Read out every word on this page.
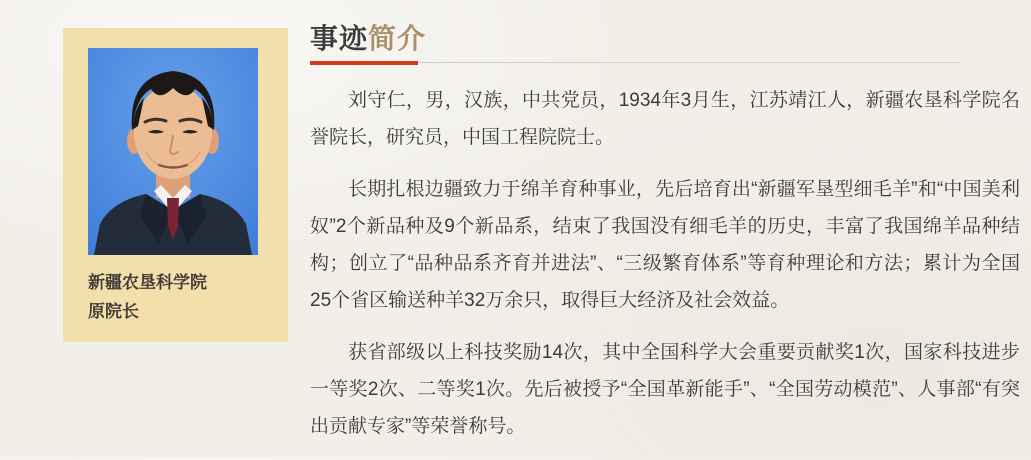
新疆农垦科学院
原院长
事迹简介

刘守仁，男，汉族，中共党员，1934年3月生，江苏靖江人，新疆农垦科学院名誉院长，研究员，中国工程院院士。

长期扎根边疆致力于绵羊育种事业，先后培育出“新疆军垦型细毛羊”和“中国美利奴”2个新品种及9个新品系，结束了我国没有细毛羊的历史，丰富了我国绵羊品种结构；创立了“品种品系齐育并进法”、“三级繁育体系”等育种理论和方法；累计为全国25个省区输送种羊32万余只，取得巨大经济及社会效益。

获省部级以上科技奖励14次，其中全国科学大会重要贡献奖1次，国家科技进步一等奖2次、二等奖1次。先后被授予“全国革新能手”、“全国劳动模范”、人事部“有突出贡献专家”等荣誉称号。
